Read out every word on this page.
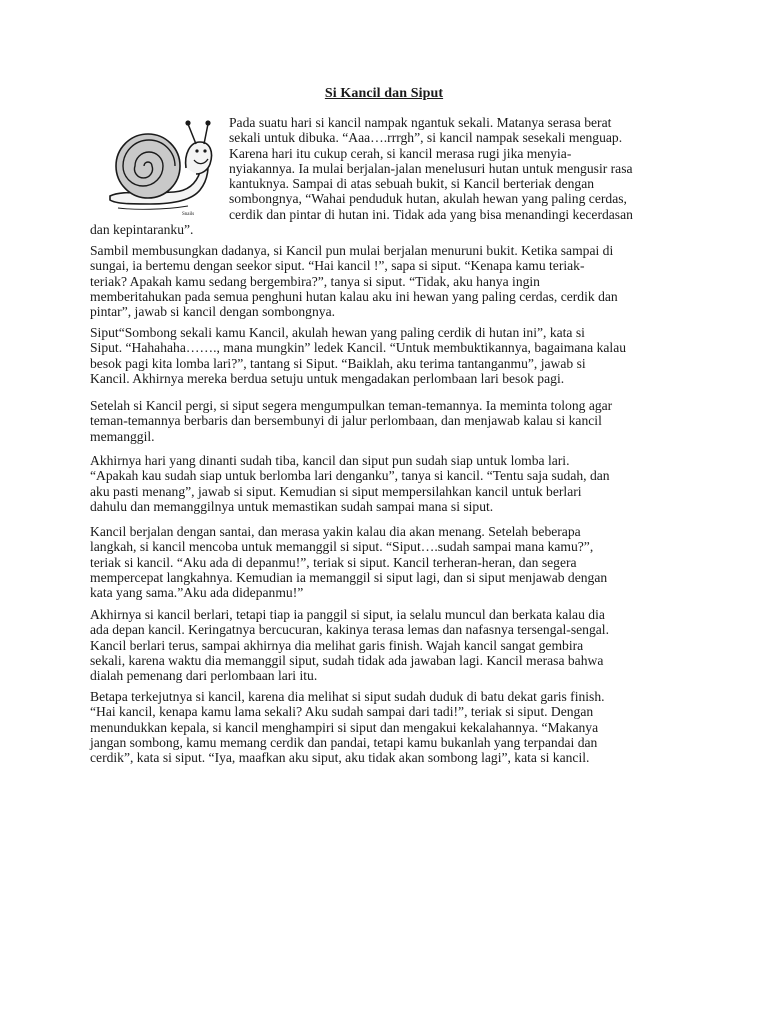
Si Kancil dan Siput
Snails
Pada suatu hari si kancil nampak ngantuk sekali. Matanya serasa berat
sekali untuk dibuka. “Aaa….rrrgh”, si kancil nampak sesekali menguap.
Karena hari itu cukup cerah, si kancil merasa rugi jika menyia-
nyiakannya. Ia mulai berjalan-jalan menelusuri hutan untuk mengusir rasa
kantuknya. Sampai di atas sebuah bukit, si Kancil berteriak dengan
sombongnya, “Wahai penduduk hutan, akulah hewan yang paling cerdas,
cerdik dan pintar di hutan ini. Tidak ada yang bisa menandingi kecerdasan
dan kepintaranku”.
Sambil membusungkan dadanya, si Kancil pun mulai berjalan menuruni bukit. Ketika sampai di
sungai, ia bertemu dengan seekor siput. “Hai kancil !”, sapa si siput. “Kenapa kamu teriak-
teriak? Apakah kamu sedang bergembira?”, tanya si siput. “Tidak, aku hanya ingin
memberitahukan pada semua penghuni hutan kalau aku ini hewan yang paling cerdas, cerdik dan
pintar”, jawab si kancil dengan sombongnya.
Siput“Sombong sekali kamu Kancil, akulah hewan yang paling cerdik di hutan ini”, kata si
Siput. “Hahahaha……., mana mungkin” ledek Kancil. “Untuk membuktikannya, bagaimana kalau
besok pagi kita lomba lari?”, tantang si Siput. “Baiklah, aku terima tantanganmu”, jawab si
Kancil. Akhirnya mereka berdua setuju untuk mengadakan perlombaan lari besok pagi.
Setelah si Kancil pergi, si siput segera mengumpulkan teman-temannya. Ia meminta tolong agar
teman-temannya berbaris dan bersembunyi di jalur perlombaan, dan menjawab kalau si kancil
memanggil.
Akhirnya hari yang dinanti sudah tiba, kancil dan siput pun sudah siap untuk lomba lari.
“Apakah kau sudah siap untuk berlomba lari denganku”, tanya si kancil. “Tentu saja sudah, dan
aku pasti menang”, jawab si siput. Kemudian si siput mempersilahkan kancil untuk berlari
dahulu dan memanggilnya untuk memastikan sudah sampai mana si siput.
Kancil berjalan dengan santai, dan merasa yakin kalau dia akan menang. Setelah beberapa
langkah, si kancil mencoba untuk memanggil si siput. “Siput….sudah sampai mana kamu?”,
teriak si kancil. “Aku ada di depanmu!”, teriak si siput. Kancil terheran-heran, dan segera
mempercepat langkahnya. Kemudian ia memanggil si siput lagi, dan si siput menjawab dengan
kata yang sama.”Aku ada didepanmu!”
Akhirnya si kancil berlari, tetapi tiap ia panggil si siput, ia selalu muncul dan berkata kalau dia
ada depan kancil. Keringatnya bercucuran, kakinya terasa lemas dan nafasnya tersengal-sengal.
Kancil berlari terus, sampai akhirnya dia melihat garis finish. Wajah kancil sangat gembira
sekali, karena waktu dia memanggil siput, sudah tidak ada jawaban lagi. Kancil merasa bahwa
dialah pemenang dari perlombaan lari itu.
Betapa terkejutnya si kancil, karena dia melihat si siput sudah duduk di batu dekat garis finish.
“Hai kancil, kenapa kamu lama sekali? Aku sudah sampai dari tadi!”, teriak si siput. Dengan
menundukkan kepala, si kancil menghampiri si siput dan mengakui kekalahannya. “Makanya
jangan sombong, kamu memang cerdik dan pandai, tetapi kamu bukanlah yang terpandai dan
cerdik”, kata si siput. “Iya, maafkan aku siput, aku tidak akan sombong lagi”, kata si kancil.
